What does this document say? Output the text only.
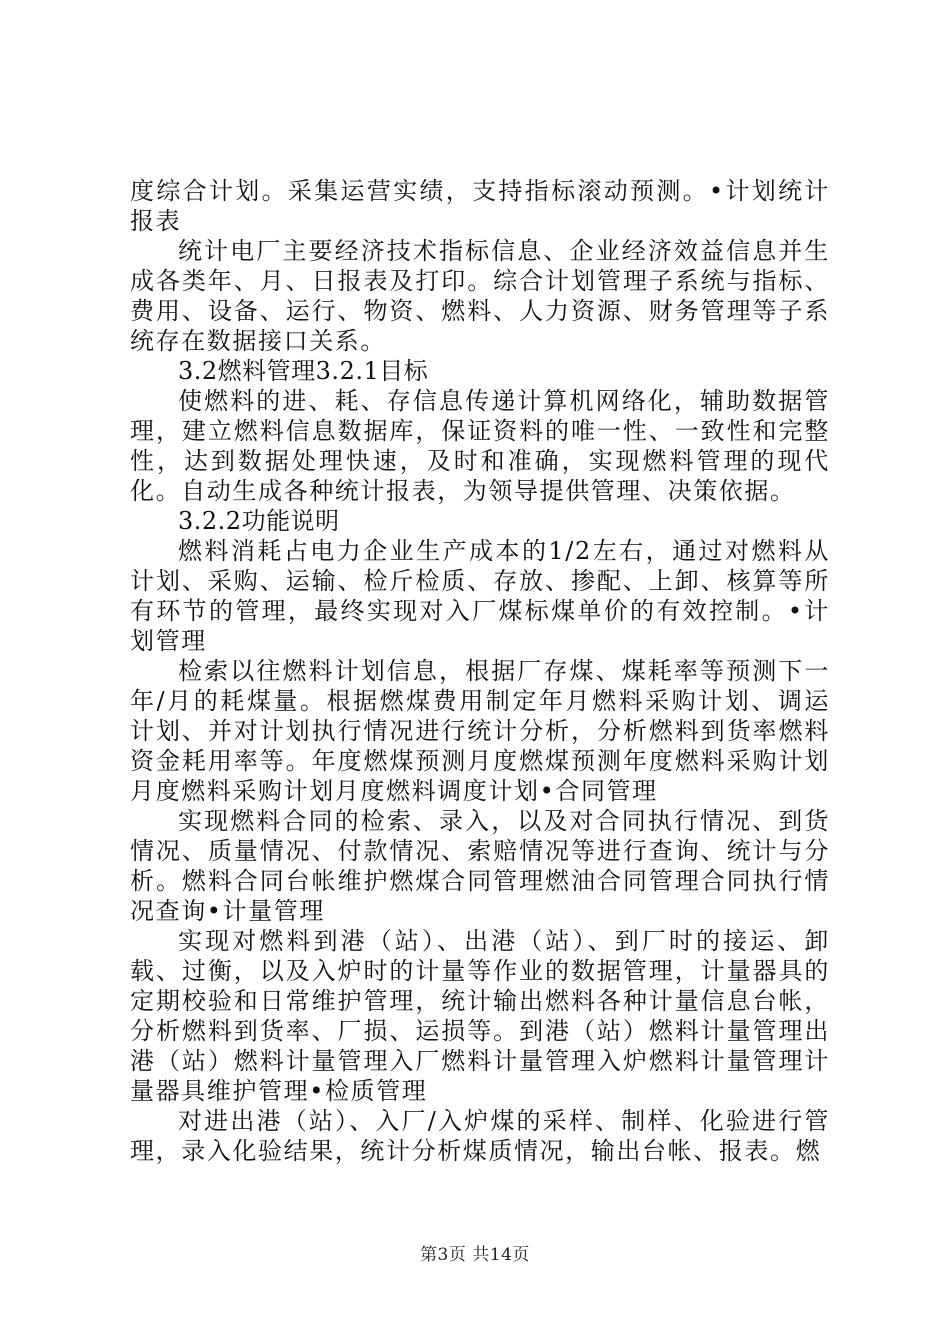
度综合计划。采集运营实绩，支持指标滚动预测。•计划统计报表

统计电厂主要经济技术指标信息、企业经济效益信息并生成各类年、月、日报表及打印。综合计划管理子系统与指标、费用、设备、运行、物资、燃料、人力资源、财务管理等子系统存在数据接口关系。

3.2燃料管理3.2.1目标

使燃料的进、耗、存信息传递计算机网络化，辅助数据管理，建立燃料信息数据库，保证资料的唯一性、一致性和完整性，达到数据处理快速，及时和准确，实现燃料管理的现代化。自动生成各种统计报表，为领导提供管理、决策依据。

3.2.2功能说明

燃料消耗占电力企业生产成本的1/2左右，通过对燃料从计划、采购、运输、检斤检质、存放、掺配、上卸、核算等所有环节的管理，最终实现对入厂煤标煤单价的有效控制。•计划管理

检索以往燃料计划信息，根据厂存煤、煤耗率等预测下一年/月的耗煤量。根据燃煤费用制定年月燃料采购计划、调运计划、并对计划执行情况进行统计分析，分析燃料到货率燃料资金耗用率等。年度燃煤预测月度燃煤预测年度燃料采购计划月度燃料采购计划月度燃料调度计划•合同管理

实现燃料合同的检索、录入，以及对合同执行情况、到货情况、质量情况、付款情况、索赔情况等进行查询、统计与分析。燃料合同台帐维护燃煤合同管理燃油合同管理合同执行情况查询•计量管理

实现对燃料到港（站）、出港（站）、到厂时的接运、卸载、过衡，以及入炉时的计量等作业的数据管理，计量器具的定期校验和日常维护管理，统计输出燃料各种计量信息台帐，分析燃料到货率、厂损、运损等。到港（站）燃料计量管理出港（站）燃料计量管理入厂燃料计量管理入炉燃料计量管理计量器具维护管理•检质管理

对进出港（站）、入厂/入炉煤的采样、制样、化验进行管理，录入化验结果，统计分析煤质情况，输出台帐、报表。燃

第3页 共14页
